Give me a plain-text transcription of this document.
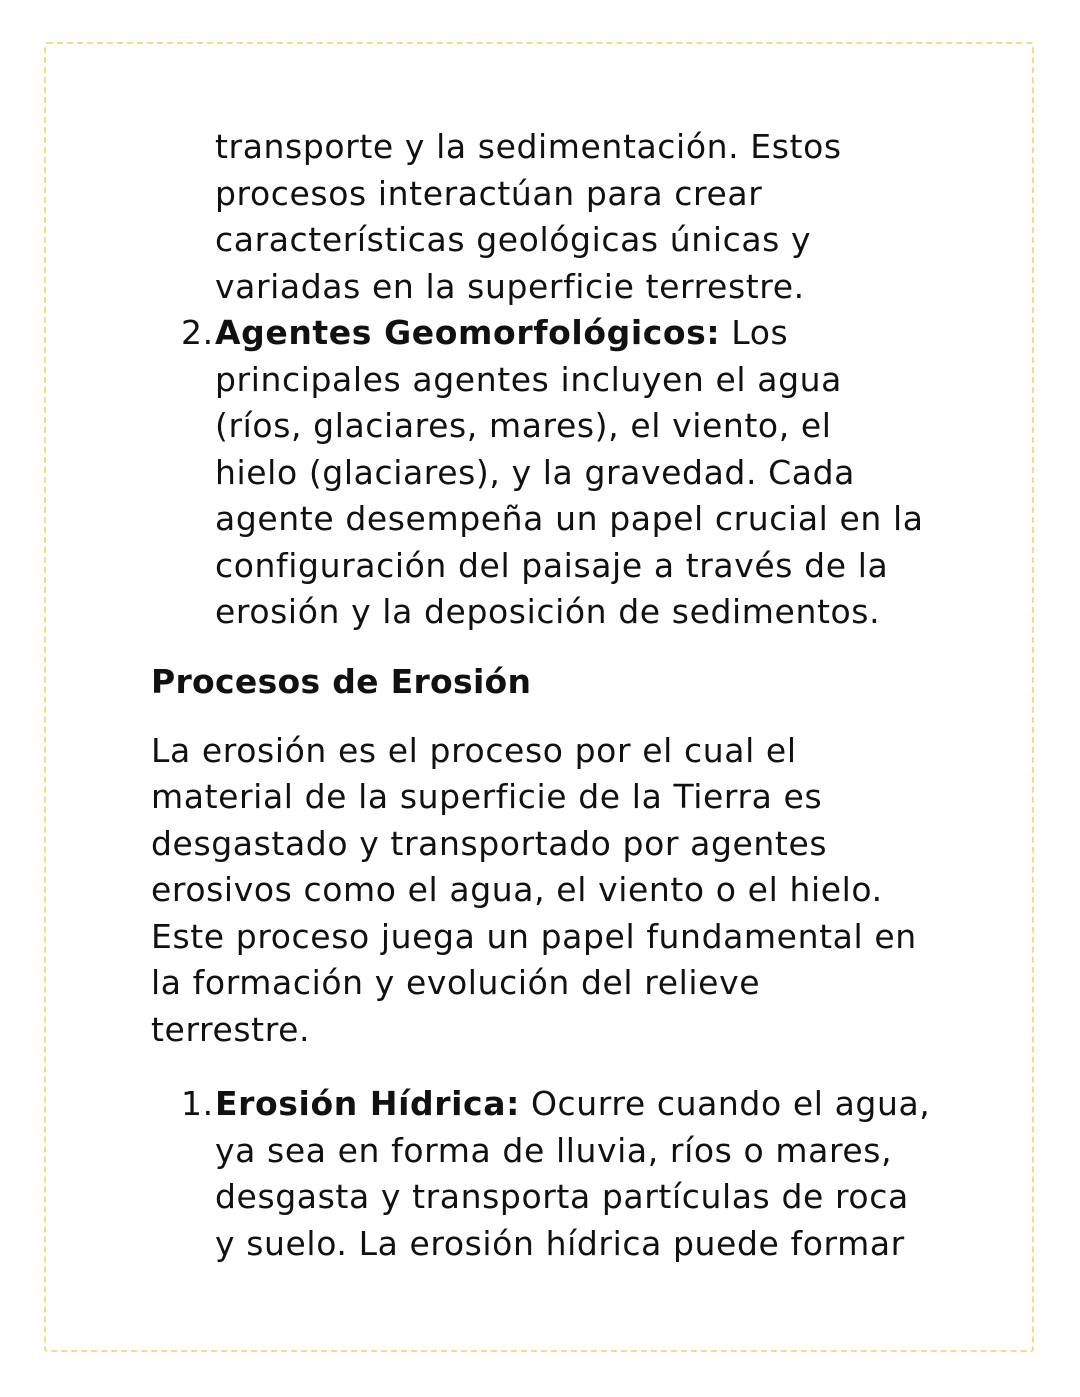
transporte y la sedimentación. Estos
procesos interactúan para crear
características geológicas únicas y
variadas en la superficie terrestre.
2. Agentes Geomorfológicos: Los
principales agentes incluyen el agua
(ríos, glaciares, mares), el viento, el
hielo (glaciares), y la gravedad. Cada
agente desempeña un papel crucial en la
configuración del paisaje a través de la
erosión y la deposición de sedimentos.
Procesos de Erosión
La erosión es el proceso por el cual el
material de la superficie de la Tierra es
desgastado y transportado por agentes
erosivos como el agua, el viento o el hielo.
Este proceso juega un papel fundamental en
la formación y evolución del relieve
terrestre.
1. Erosión Hídrica: Ocurre cuando el agua,
ya sea en forma de lluvia, ríos o mares,
desgasta y transporta partículas de roca
y suelo. La erosión hídrica puede formar
